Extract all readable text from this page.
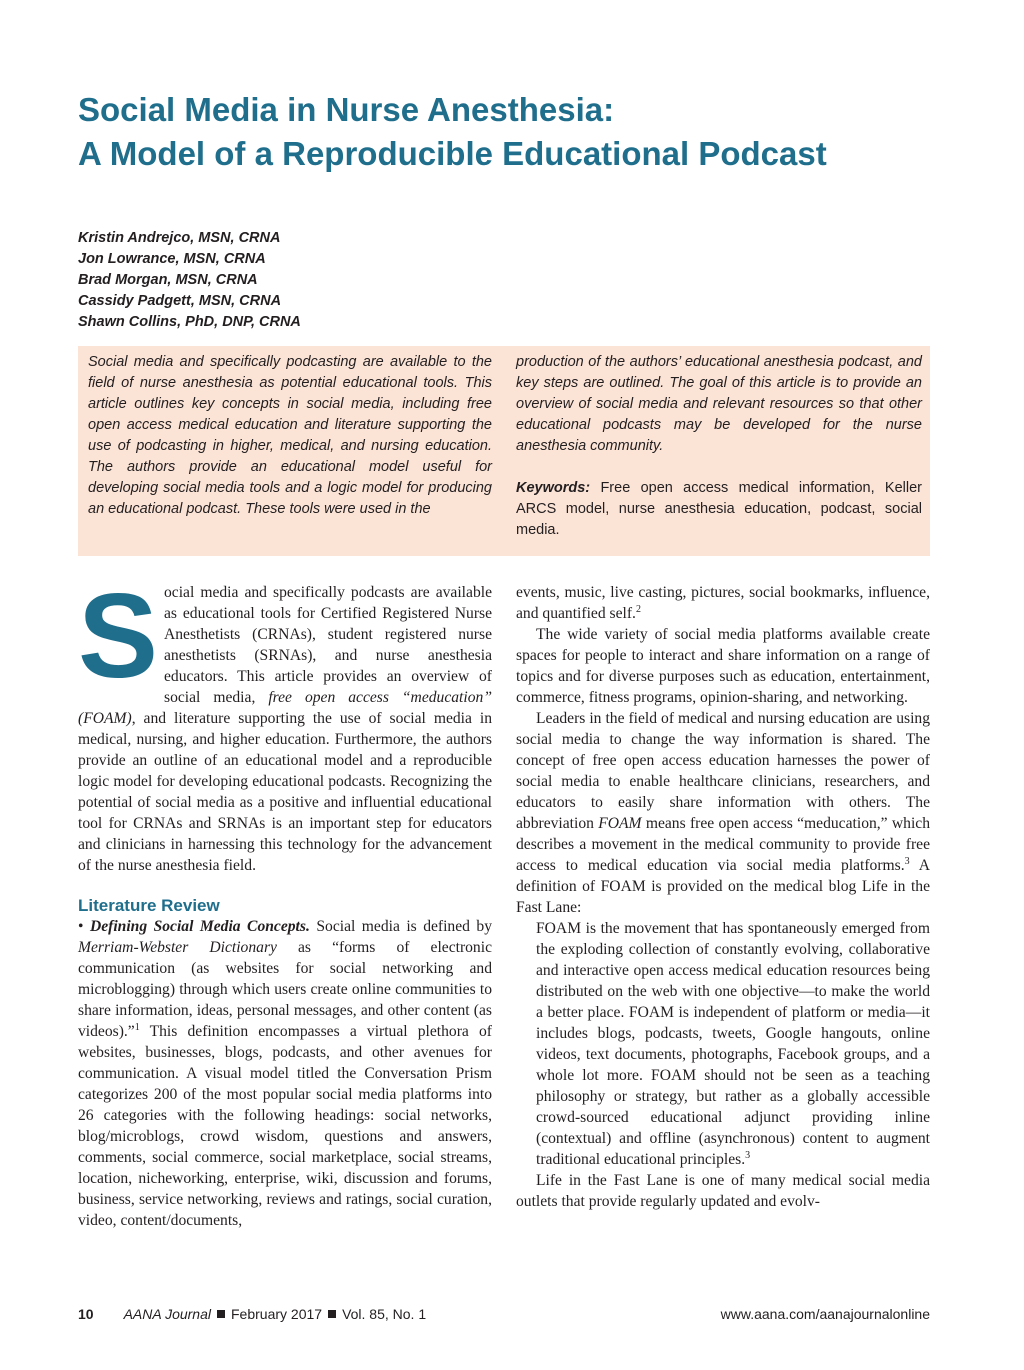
Social Media in Nurse Anesthesia:
A Model of a Reproducible Educational Podcast
Kristin Andrejco, MSN, CRNA
Jon Lowrance, MSN, CRNA
Brad Morgan, MSN, CRNA
Cassidy Padgett, MSN, CRNA
Shawn Collins, PhD, DNP, CRNA

Social media and specifically podcasting are available to the field of nurse anesthesia as potential educational tools. This article outlines key concepts in social media, including free open access medical education and literature supporting the use of podcasting in higher, medical, and nursing education. The authors provide an educational model useful for developing social media tools and a logic model for producing an educational podcast. These tools were used in the

production of the authors’ educational anesthesia podcast, and key steps are outlined. The goal of this article is to provide an overview of social media and relevant resources so that other educational podcasts may be developed for the nurse anesthesia community.

Keywords: Free open access medical information, Keller ARCS model, nurse anesthesia education, podcast, social media.

Social media and specifically podcasts are available as educational tools for Certified Registered Nurse Anesthetists (CRNAs), student registered nurse anesthetists (SRNAs), and nurse anesthesia educators. This article provides an overview of social media, free open access “meducation” (FOAM), and literature supporting the use of social media in medical, nursing, and higher education. Furthermore, the authors provide an outline of an educational model and a reproducible logic model for developing educational podcasts. Recognizing the potential of social media as a positive and influential educational tool for CRNAs and SRNAs is an important step for educators and clinicians in harnessing this technology for the advancement of the nurse anesthesia field.

Literature Review

• Defining Social Media Concepts. Social media is defined by Merriam-Webster Dictionary as “forms of electronic communication (as websites for social networking and microblogging) through which users create online communities to share information, ideas, personal messages, and other content (as videos).”$^1$ This definition encompasses a virtual plethora of websites, businesses, blogs, podcasts, and other avenues for communication. A visual model titled the Conversation Prism categorizes 200 of the most popular social media platforms into 26 categories with the following headings: social networks, blog/microblogs, crowd wisdom, questions and answers, comments, social commerce, social marketplace, social streams, location, nicheworking, enterprise, wiki, discussion and forums, business, service networking, reviews and ratings, social curation, video, content/documents,

events, music, live casting, pictures, social bookmarks, influence, and quantified self.$^2$

The wide variety of social media platforms available create spaces for people to interact and share information on a range of topics and for diverse purposes such as education, entertainment, commerce, fitness programs, opinion-sharing, and networking.

Leaders in the field of medical and nursing education are using social media to change the way information is shared. The concept of free open access education harnesses the power of social media to enable healthcare clinicians, researchers, and educators to easily share information with others. The abbreviation FOAM means free open access “meducation,” which describes a movement in the medical community to provide free access to medical education via social media platforms.$^3$ A definition of FOAM is provided on the medical blog Life in the Fast Lane:

FOAM is the movement that has spontaneously emerged from the exploding collection of constantly evolving, collaborative and interactive open access medical education resources being distributed on the web with one objective—to make the world a better place. FOAM is independent of platform or media—it includes blogs, podcasts, tweets, Google hangouts, online videos, text documents, photographs, Facebook groups, and a whole lot more. FOAM should not be seen as a teaching philosophy or strategy, but rather as a globally accessible crowd-sourced educational adjunct providing inline (contextual) and offline (asynchronous) content to augment traditional educational principles.$^3$

Life in the Fast Lane is one of many medical social media outlets that provide regularly updated and evolv-

10 AANA Journal February 2017 Vol. 85, No. 1	www.aana.com/aanajournalonline
